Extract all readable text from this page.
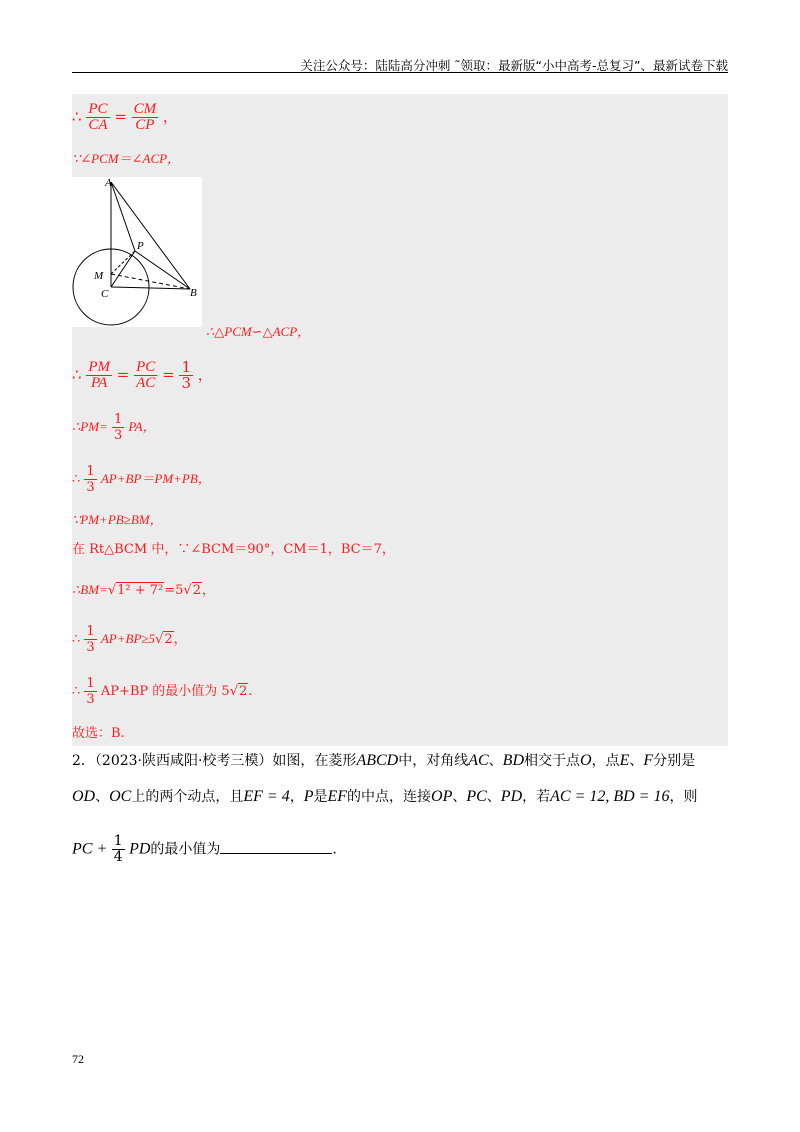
关注公众号：陆陆高分冲刺 ˜领取：最新版“小中高考-总复习”、最新试卷下载
∴ $\frac{PC}{CA} = \frac{CM}{CP}$ ，
∵∠PCM＝∠ACP，
A
P
M
C	B
∴△PCM∽△ACP，
∴ $\frac{PM}{PA} = \frac{PC}{AC} = \frac{1}{3}$ ，
∴PM= $\frac{1}{3}$ PA，
∴ $\frac{1}{3} AP+BP=PM+PB$，
∵PM+PB≥BM，
在 Rt△BCM 中，∵∠BCM＝90°，CM＝1，BC＝7，
∴BM=√1² + 7²=5√2，
∴ $\frac{1}{3} AP+BP\ge 5√2$，
∴ $\frac{1}{3} AP+BP$ 的最小值为 5√2.
故选：B.
2．（2023·陕西咸阳·校考三模）如图，在菱形ABCD中，对角线AC、BD相交于点O，点E、F分别是
OD、OC上的两个动点，且EF = 4，P是EF的中点，连接OP、PC、PD，若AC = 12, BD = 16，则
PC + $\frac{1}{4}$ PD的最小值为	.
72
